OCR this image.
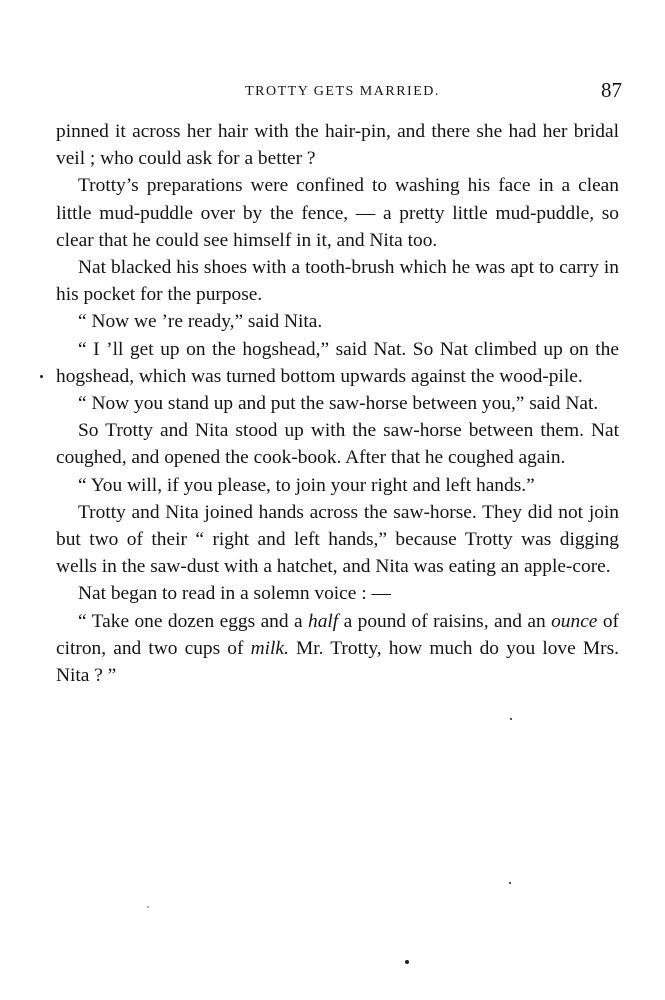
TROTTY GETS MARRIED.	87

pinned it across her hair with the hair-pin, and there she had her bridal veil ; who could ask for a better ?

Trotty’s preparations were confined to washing his face in a clean little mud-puddle over by the fence, — a pretty little mud-puddle, so clear that he could see himself in it, and Nita too.

Nat blacked his shoes with a tooth-brush which he was apt to carry in his pocket for the purpose.

“ Now we ’re ready,” said Nita.

“ I ’ll get up on the hogshead,” said Nat. So Nat climbed up on the hogshead, which was turned bottom upwards against the wood-pile.

“ Now you stand up and put the saw-horse between you,” said Nat.

So Trotty and Nita stood up with the saw-horse between them. Nat coughed, and opened the cook-book. After that he coughed again.

“ You will, if you please, to join your right and left hands.”

Trotty and Nita joined hands across the saw-horse. They did not join but two of their “ right and left hands,” because Trotty was digging wells in the saw-dust with a hatchet, and Nita was eating an apple-core.

Nat began to read in a solemn voice : —

“ Take one dozen eggs and a half a pound of raisins, and an ounce of citron, and two cups of milk. Mr. Trotty, how much do you love Mrs. Nita ? ”
